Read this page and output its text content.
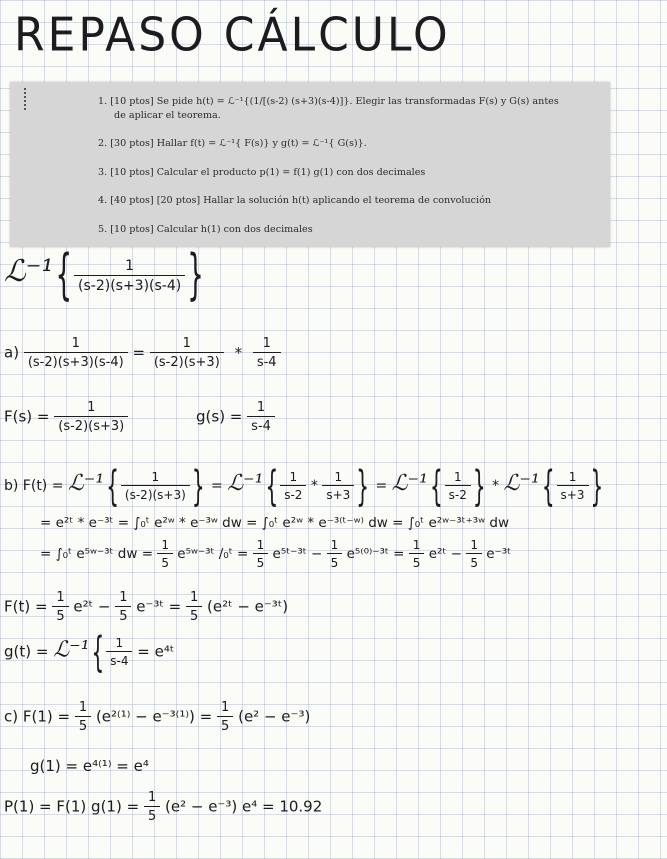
REPASO CÁLCULO
1. [10 ptos] Se pide h(t) = ℒ⁻¹{(1/[(s-2) (s+3)(s-4)]}. Elegir las transformadas F(s) y G(s) antes
de aplicar el teorema.
2. [30 ptos] Hallar f(t) = ℒ⁻¹{ F(s)} y g(t) = ℒ⁻¹{ G(s)}.
3. [10 ptos] Calcular el producto p(1) = f(1) g(1) con dos decimales
4. [40 ptos] [20 ptos] Hallar la solución h(t) aplicando el teorema de convolución
5. [10 ptos] Calcular h(1) con dos decimales
ℒ⁻¹{ $\frac{1}{(s-2)(s+3)(s-4)}$ }
$a) \frac{1}{(s-2)(s+3)(s-4)} = \frac{1}{(s-2)(s+3)} * \frac{1}{s-4}$
$F(s) = \frac{1}{(s-2)(s+3)}$	$g(s) = \frac{1}{s-4}$
b) F(t) = ℒ⁻¹ { $\frac{1}{(s-2)(s+3)}$ } = ℒ⁻¹ { $\frac{1}{s-2} * \frac{1}{s+3}$ } = ℒ⁻¹ { $\frac{1}{s-2}$ } * ℒ⁻¹ { $\frac{1}{s+3}$ }
= e²ᵗ * e⁻³ᵗ = ∫₀ᵗ e²ʷ * e⁻³ʷ dw = ∫₀ᵗ e²ʷ * e⁻³⁽ᵗ⁻ʷ⁾ dw = ∫₀ᵗ e²ʷ⁻³ᵗ⁺³ʷ dw
= ∫₀ᵗ e⁵ʷ⁻³ᵗ dw = $\frac{1}{5}$ e⁵ʷ⁻³ᵗ /₀ᵗ = $\frac{1}{5}$ e⁵ᵗ⁻³ᵗ − $\frac{1}{5}$ e⁵⁽⁰⁾⁻³ᵗ = $\frac{1}{5}$ e²ᵗ − $\frac{1}{5}$ e⁻³ᵗ
$F(t) = \frac{1}{5}$ e²ᵗ − $\frac{1}{5}$ e⁻³ᵗ = $\frac{1}{5}$ (e²ᵗ − e⁻³ᵗ)
g(t) = ℒ⁻¹ { $\frac{1}{s-4}$ = e⁴ᵗ
c) $F(1) = \frac{1}{5} (e^{2(1)} - e^{-3(1)}) = \frac{1}{5} (e^2 - e^{-3})$
g(1) = e⁴⁽¹⁾ = e⁴
P(1) = F(1) $g(1) = \frac{1}{5} (e^2 - e^{-3}) e^4 = 10.92$
